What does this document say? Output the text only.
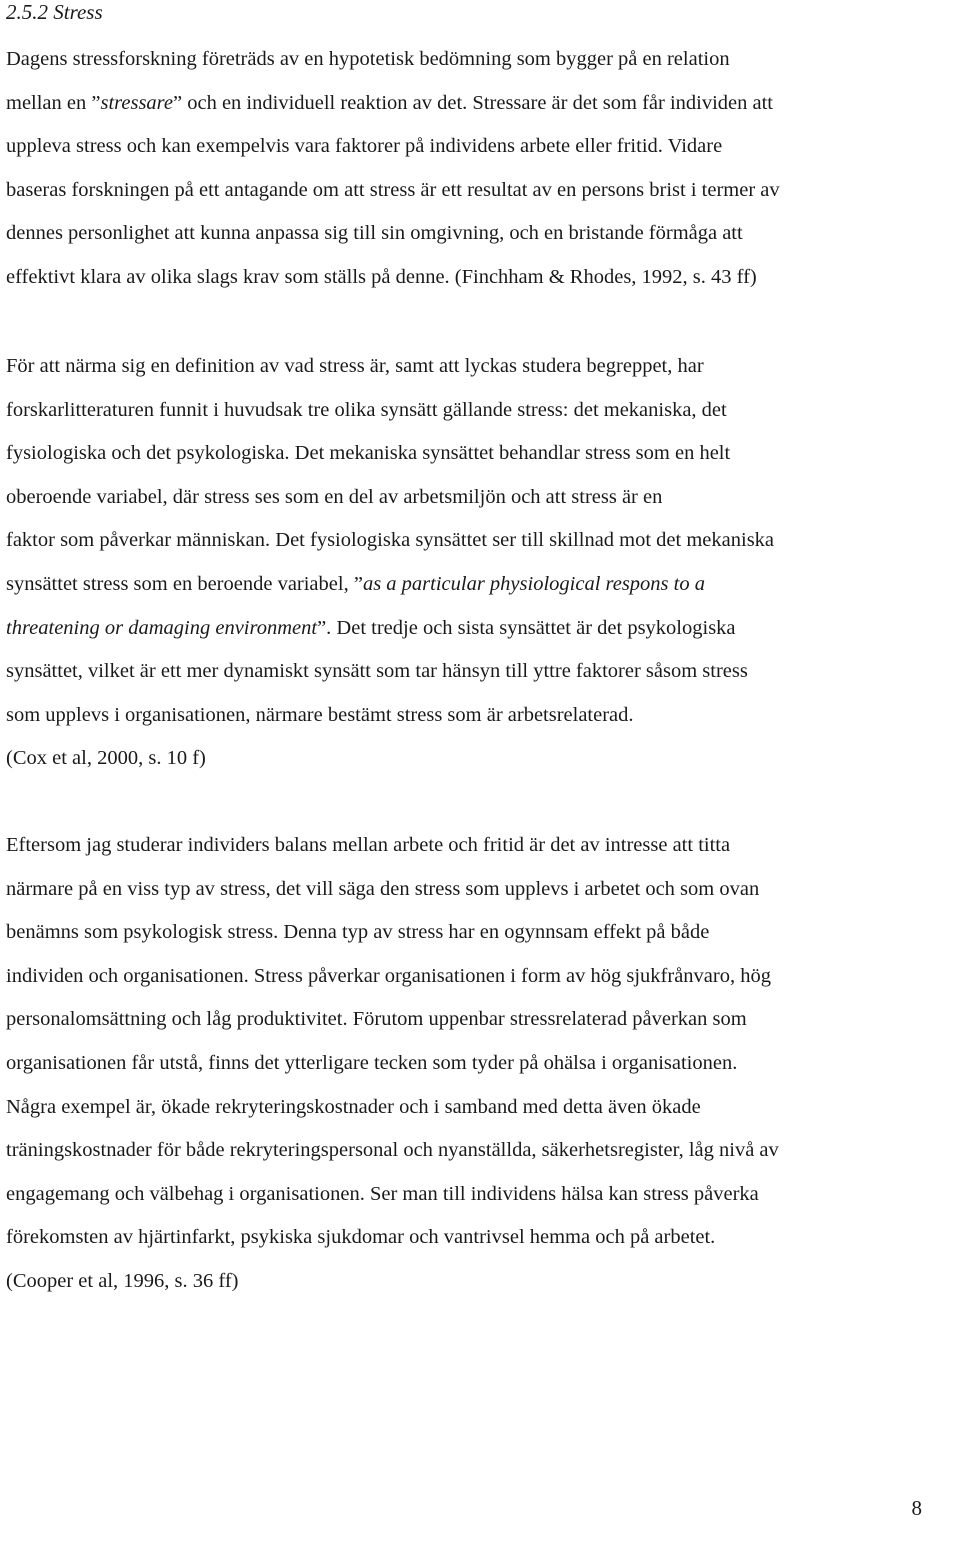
2.5.2 Stress
Dagens stressforskning företräds av en hypotetisk bedömning som bygger på en relation
mellan en ”stressare” och en individuell reaktion av det. Stressare är det som får individen att
uppleva stress och kan exempelvis vara faktorer på individens arbete eller fritid. Vidare
baseras forskningen på ett antagande om att stress är ett resultat av en persons brist i termer av
dennes personlighet att kunna anpassa sig till sin omgivning, och en bristande förmåga att
effektivt klara av olika slags krav som ställs på denne. (Finchham & Rhodes, 1992, s. 43 ff)
För att närma sig en definition av vad stress är, samt att lyckas studera begreppet, har
forskarlitteraturen funnit i huvudsak tre olika synsätt gällande stress: det mekaniska, det
fysiologiska och det psykologiska. Det mekaniska synsättet behandlar stress som en helt
oberoende variabel, där stress ses som en del av arbetsmiljön och att stress är en
faktor som påverkar människan. Det fysiologiska synsättet ser till skillnad mot det mekaniska
synsättet stress som en beroende variabel, ”as a particular physiological respons to a
threatening or damaging environment”. Det tredje och sista synsättet är det psykologiska
synsättet, vilket är ett mer dynamiskt synsätt som tar hänsyn till yttre faktorer såsom stress
som upplevs i organisationen, närmare bestämt stress som är arbetsrelaterad.
(Cox et al, 2000, s. 10 f)
Eftersom jag studerar individers balans mellan arbete och fritid är det av intresse att titta
närmare på en viss typ av stress, det vill säga den stress som upplevs i arbetet och som ovan
benämns som psykologisk stress. Denna typ av stress har en ogynnsam effekt på både
individen och organisationen. Stress påverkar organisationen i form av hög sjukfrånvaro, hög
personalomsättning och låg produktivitet. Förutom uppenbar stressrelaterad påverkan som
organisationen får utstå, finns det ytterligare tecken som tyder på ohälsa i organisationen.
Några exempel är, ökade rekryteringskostnader och i samband med detta även ökade
träningskostnader för både rekryteringspersonal och nyanställda, säkerhetsregister, låg nivå av
engagemang och välbehag i organisationen. Ser man till individens hälsa kan stress påverka
förekomsten av hjärtinfarkt, psykiska sjukdomar och vantrivsel hemma och på arbetet.
(Cooper et al, 1996, s. 36 ff)
8
